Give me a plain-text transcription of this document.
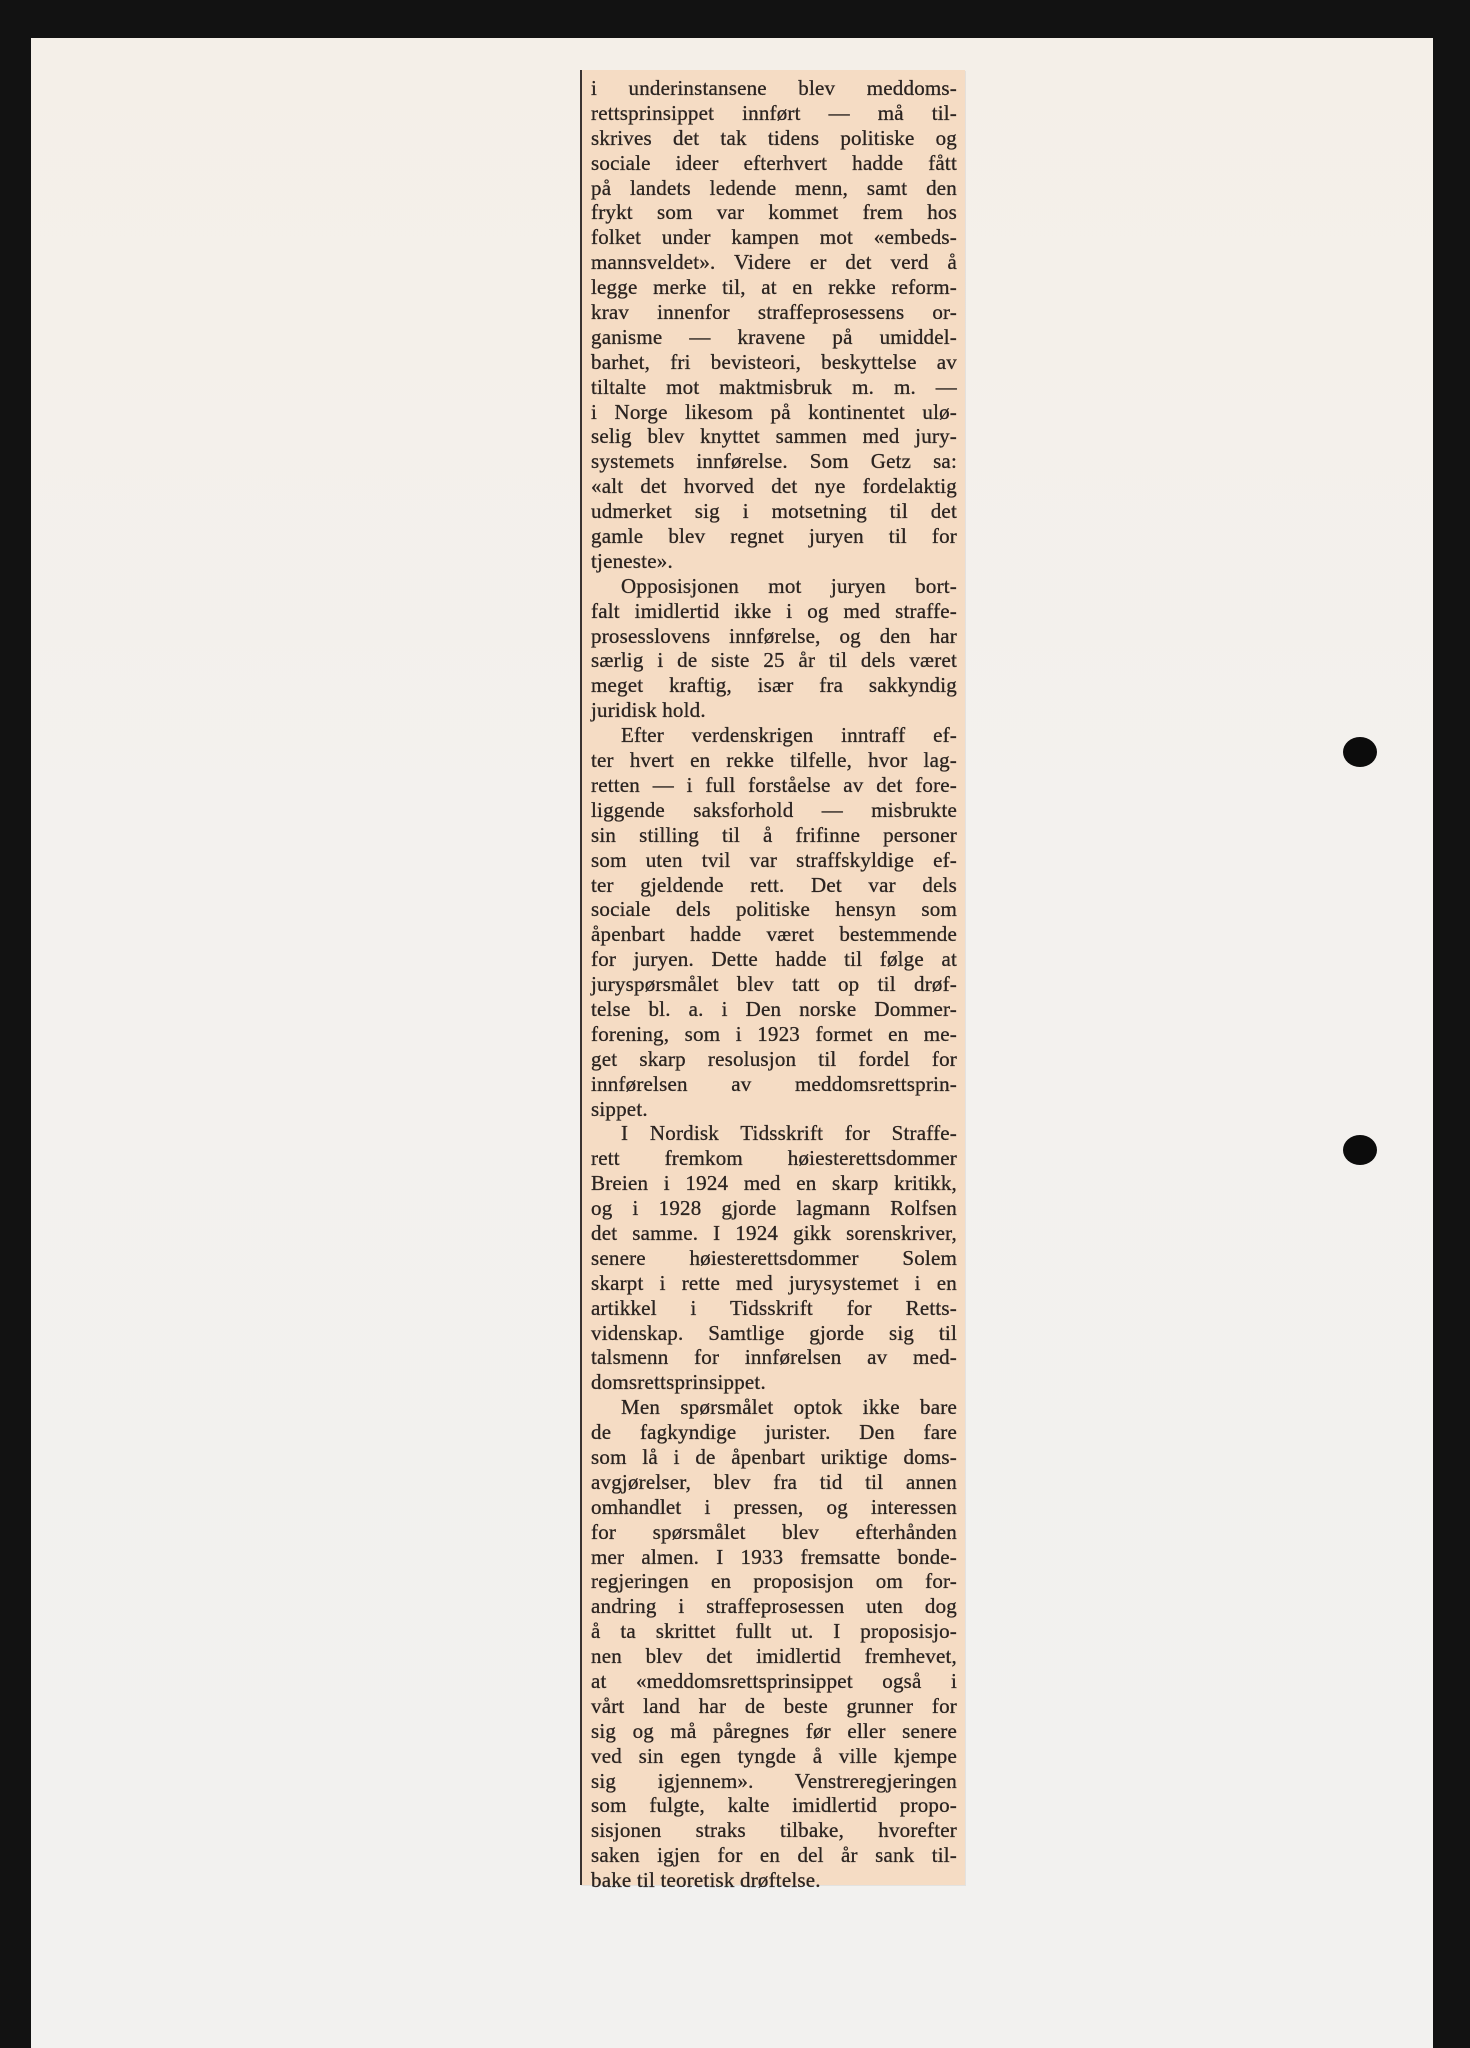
i underinstansene blev meddoms-
rettsprinsippet innført — må til-
skrives det tak tidens politiske og
sociale ideer efterhvert hadde fått
på landets ledende menn, samt den
frykt som var kommet frem hos
folket under kampen mot «embeds-
mannsveldet». Videre er det verd å
legge merke til, at en rekke reform-
krav innenfor straffeprosessens or-
ganisme — kravene på umiddel-
barhet, fri bevisteori, beskyttelse av
tiltalte mot maktmisbruk m. m. —
i Norge likesom på kontinentet ulø-
selig blev knyttet sammen med jury-
systemets innførelse. Som Getz sa:
«alt det hvorved det nye fordelaktig
udmerket sig i motsetning til det
gamle blev regnet juryen til for
tjeneste».
Opposisjonen mot juryen bort-
falt imidlertid ikke i og med straffe-
prosesslovens innførelse, og den har
særlig i de siste 25 år til dels været
meget kraftig, især fra sakkyndig
juridisk hold.
Efter verdenskrigen inntraff ef-
ter hvert en rekke tilfelle, hvor lag-
retten — i full forståelse av det fore-
liggende saksforhold — misbrukte
sin stilling til å frifinne personer
som uten tvil var straffskyldige ef-
ter gjeldende rett. Det var dels
sociale dels politiske hensyn som
åpenbart hadde været bestemmende
for juryen. Dette hadde til følge at
juryspørsmålet blev tatt op til drøf-
telse bl. a. i Den norske Dommer-
forening, som i 1923 formet en me-
get skarp resolusjon til fordel for
innførelsen av meddomsrettsprin-
sippet.
I Nordisk Tidsskrift for Straffe-
rett fremkom høiesterettsdommer
Breien i 1924 med en skarp kritikk,
og i 1928 gjorde lagmann Rolfsen
det samme. I 1924 gikk sorenskriver,
senere høiesterettsdommer Solem
skarpt i rette med jurysystemet i en
artikkel i Tidsskrift for Retts-
videnskap. Samtlige gjorde sig til
talsmenn for innførelsen av med-
domsrettsprinsippet.
Men spørsmålet optok ikke bare
de fagkyndige jurister. Den fare
som lå i de åpenbart uriktige doms-
avgjørelser, blev fra tid til annen
omhandlet i pressen, og interessen
for spørsmålet blev efterhånden
mer almen. I 1933 fremsatte bonde-
regjeringen en proposisjon om for-
andring i straffeprosessen uten dog
å ta skrittet fullt ut. I proposisjo-
nen blev det imidlertid fremhevet,
at «meddomsrettsprinsippet også i
vårt land har de beste grunner for
sig og må påregnes før eller senere
ved sin egen tyngde å ville kjempe
sig igjennem». Venstreregjeringen
som fulgte, kalte imidlertid propo-
sisjonen straks tilbake, hvorefter
saken igjen for en del år sank til-
bake til teoretisk drøftelse.
